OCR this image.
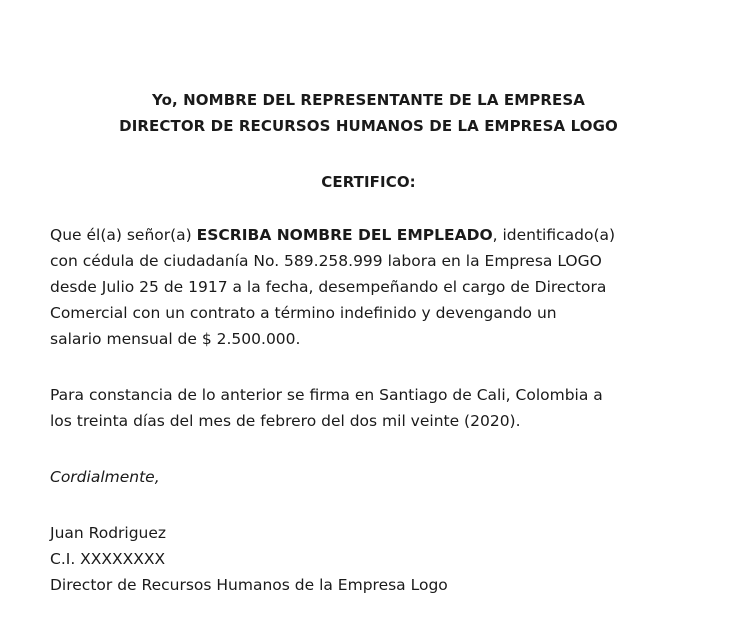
Yo, NOMBRE DEL REPRESENTANTE DE LA EMPRESA
DIRECTOR DE RECURSOS HUMANOS DE LA EMPRESA LOGO
CERTIFICO:
Que él(a) señor(a) ESCRIBA NOMBRE DEL EMPLEADO, identificado(a)
con cédula de ciudadanía No. 589.258.999 labora en la Empresa LOGO
desde Julio 25 de 1917 a la fecha, desempeñando el cargo de Directora
Comercial con un contrato a término indefinido y devengando un
salario mensual de $ 2.500.000.
Para constancia de lo anterior se firma en Santiago de Cali, Colombia a
los treinta días del mes de febrero del dos mil veinte (2020).
Cordialmente,
Juan Rodriguez
C.I. XXXXXXXX
Director de Recursos Humanos de la Empresa Logo
